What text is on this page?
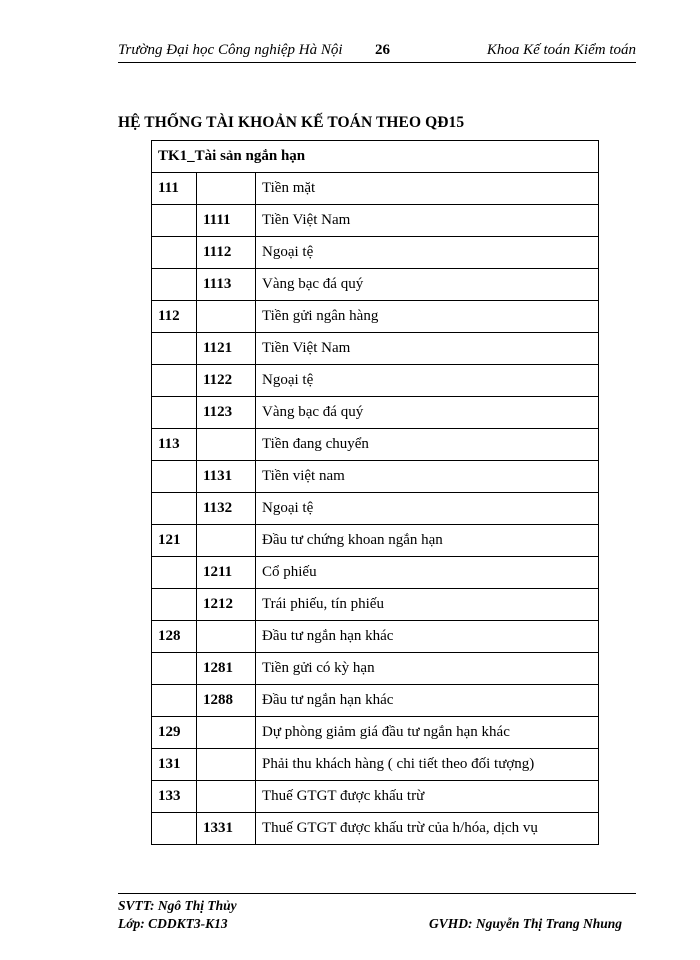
Trường Đại học Công nghiệp Hà Nội 26	Khoa Kế toán Kiểm toán
HỆ THỐNG TÀI KHOẢN KẾ TOÁN THEO QĐ15
TK1_Tài sản ngắn hạn		
111		Tiền mặt
	1111	Tiền Việt Nam
	1112	Ngoại tệ
	1113	Vàng bạc đá quý
112		Tiền gửi ngân hàng
	1121	Tiền Việt Nam
	1122	Ngoại tệ
	1123	Vàng bạc đá quý
113		Tiền đang chuyển
	1131	Tiền việt nam
	1132	Ngoại tệ
121		Đầu tư chứng khoan ngắn hạn
	1211	Cổ phiếu
	1212	Trái phiếu, tín phiếu
128		Đầu tư ngắn hạn khác
	1281	Tiền gửi có kỳ hạn
	1288	Đầu tư ngắn hạn khác
129		Dự phòng giảm giá đầu tư ngắn hạn khác
131		Phải thu khách hàng ( chi tiết theo đối tượng)
133		Thuế GTGT được khấu trừ
	1331	Thuế GTGT được khấu trừ của h/hóa, dịch vụ
SVTT: Ngô Thị Thủy
Lớp: CDDKT3-K13	GVHD: Nguyễn Thị Trang Nhung
